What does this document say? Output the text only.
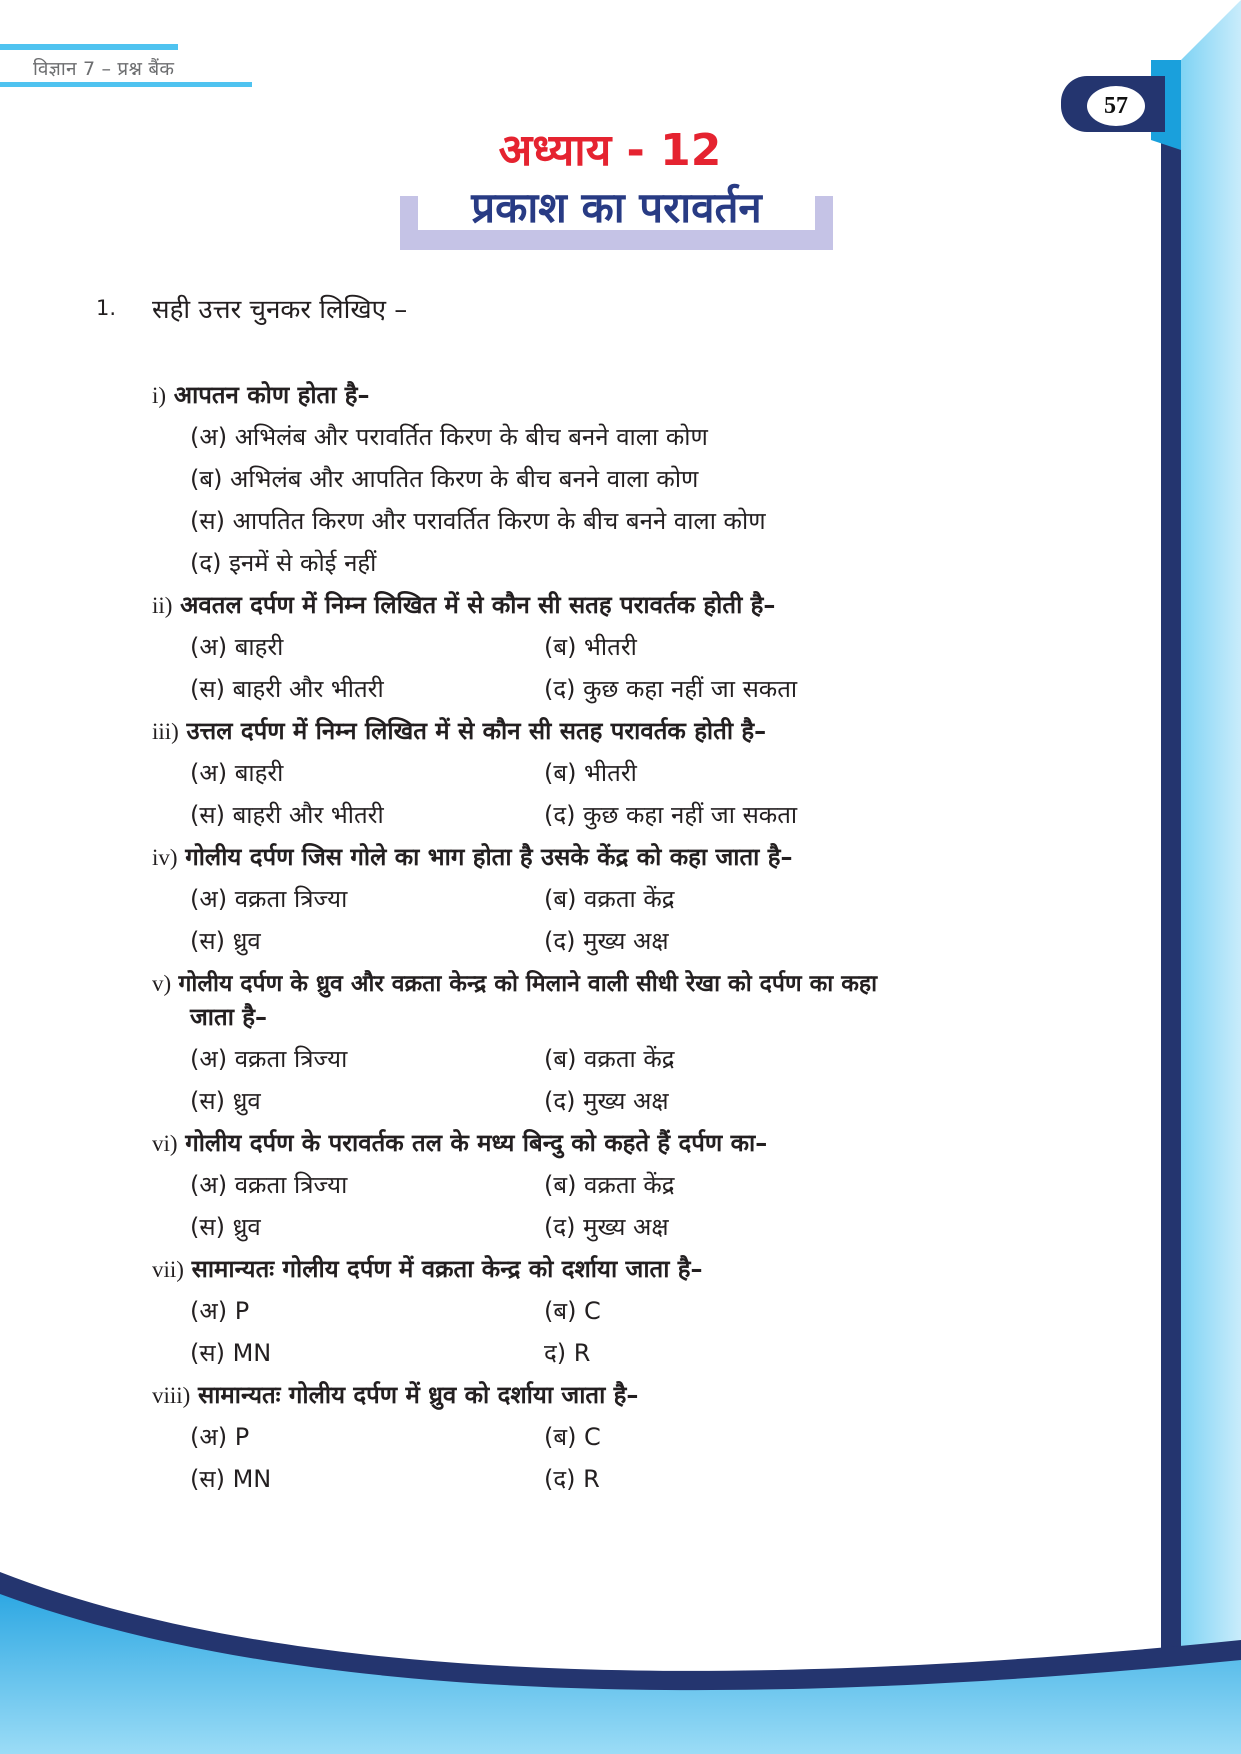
विज्ञान 7 – प्रश्न बैंक
57
अध्याय - 12
प्रकाश का परावर्तन
1. सही उत्तर चुनकर लिखिए –
i) आपतन कोण होता है–
(अ) अभिलंब और परावर्तित किरण के बीच बनने वाला कोण
(ब) अभिलंब और आपतित किरण के बीच बनने वाला कोण
(स) आपतित किरण और परावर्तित किरण के बीच बनने वाला कोण
(द) इनमें से कोई नहीं
ii) अवतल दर्पण में निम्न लिखित में से कौन सी सतह परावर्तक होती है–
(अ) बाहरी	(ब) भीतरी
(स) बाहरी और भीतरी	(द) कुछ कहा नहीं जा सकता
iii) उत्तल दर्पण में निम्न लिखित में से कौन सी सतह परावर्तक होती है–
(अ) बाहरी	(ब) भीतरी
(स) बाहरी और भीतरी	(द) कुछ कहा नहीं जा सकता
iv) गोलीय दर्पण जिस गोले का भाग होता है उसके केंद्र को कहा जाता है–
(अ) वक्रता त्रिज्या	(ब) वक्रता केंद्र
(स) ध्रुव	(द) मुख्य अक्ष
v) गोलीय दर्पण के ध्रुव और वक्रता केन्द्र को मिलाने वाली सीधी रेखा को दर्पण का कहा
जाता है–
(अ) वक्रता त्रिज्या	(ब) वक्रता केंद्र
(स) ध्रुव	(द) मुख्य अक्ष
vi) गोलीय दर्पण के परावर्तक तल के मध्य बिन्दु को कहते हैं दर्पण का–
(अ) वक्रता त्रिज्या	(ब) वक्रता केंद्र
(स) ध्रुव	(द) मुख्य अक्ष
vii) सामान्यतः गोलीय दर्पण में वक्रता केन्द्र को दर्शाया जाता है–
(अ) P	(ब) C
(स) MN	द) R
viii) सामान्यतः गोलीय दर्पण में ध्रुव को दर्शाया जाता है–
(अ) P	(ब) C
(स) MN	(द) R
